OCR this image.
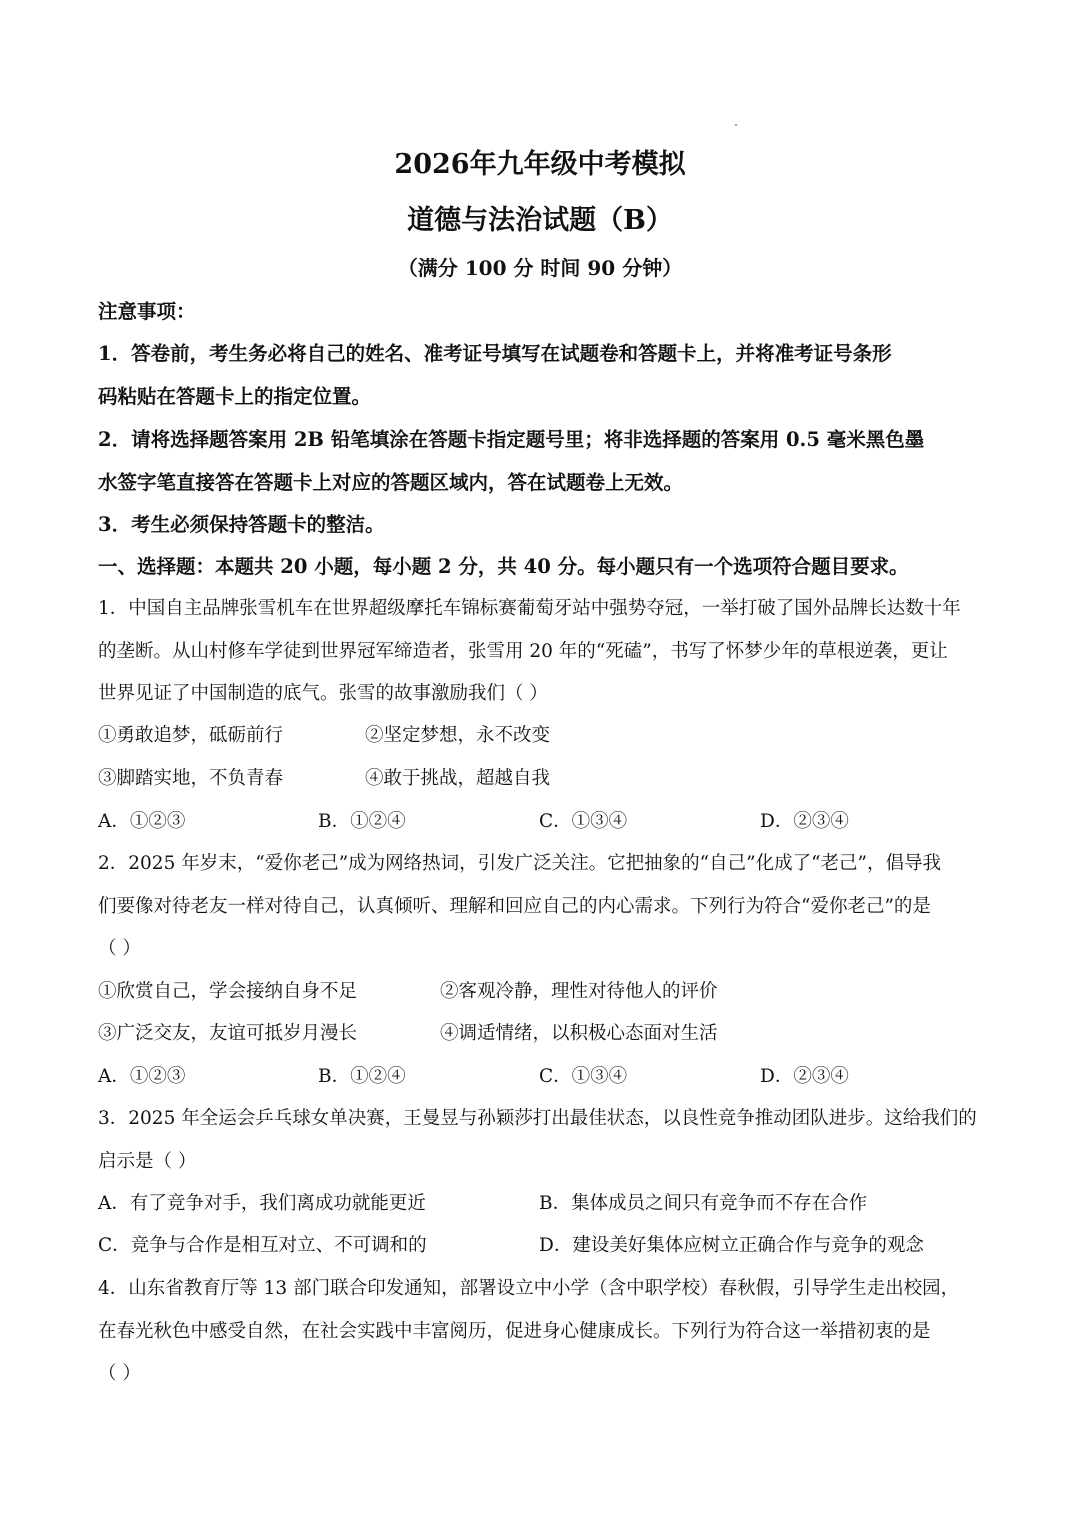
2026年九年级中考模拟
道德与法治试题（B）
（满分 100 分 时间 90 分钟）
注意事项：
1．答卷前，考生务必将自己的姓名、准考证号填写在试题卷和答题卡上，并将准考证号条形
码粘贴在答题卡上的指定位置。
2．请将选择题答案用 2B 铅笔填涂在答题卡指定题号里；将非选择题的答案用 0.5 毫米黑色墨
水签字笔直接答在答题卡上对应的答题区域内，答在试题卷上无效。
3．考生必须保持答题卡的整洁。
一、选择题：本题共 20 小题，每小题 2 分，共 40 分。每小题只有一个选项符合题目要求。
1．中国自主品牌张雪机车在世界超级摩托车锦标赛葡萄牙站中强势夺冠，一举打破了国外品牌长达数十年
的垄断。从山村修车学徒到世界冠军缔造者，张雪用 20 年的“死磕”，书写了怀梦少年的草根逆袭，更让
世界见证了中国制造的底气。张雪的故事激励我们（ ）
①勇敢追梦，砥砺前行	②坚定梦想，永不改变
③脚踏实地，不负青春	④敢于挑战，超越自我
A．①②③	B．①②④	C．①③④	D．②③④
2．2025 年岁末，“爱你老己”成为网络热词，引发广泛关注。它把抽象的“自己”化成了“老己”，倡导我
们要像对待老友一样对待自己，认真倾听、理解和回应自己的内心需求。下列行为符合“爱你老己”的是
（ ）
①欣赏自己，学会接纳自身不足	②客观冷静，理性对待他人的评价
③广泛交友，友谊可抵岁月漫长	④调适情绪，以积极心态面对生活
A．①②③	B．①②④	C．①③④	D．②③④
3．2025 年全运会乒乓球女单决赛，王曼昱与孙颖莎打出最佳状态，以良性竞争推动团队进步。这给我们的
启示是（ ）
A．有了竞争对手，我们离成功就能更近	B．集体成员之间只有竞争而不存在合作
C．竞争与合作是相互对立、不可调和的	D．建设美好集体应树立正确合作与竞争的观念
4．山东省教育厅等 13 部门联合印发通知，部署设立中小学（含中职学校）春秋假，引导学生走出校园，
在春光秋色中感受自然，在社会实践中丰富阅历，促进身心健康成长。下列行为符合这一举措初衷的是
（ ）
